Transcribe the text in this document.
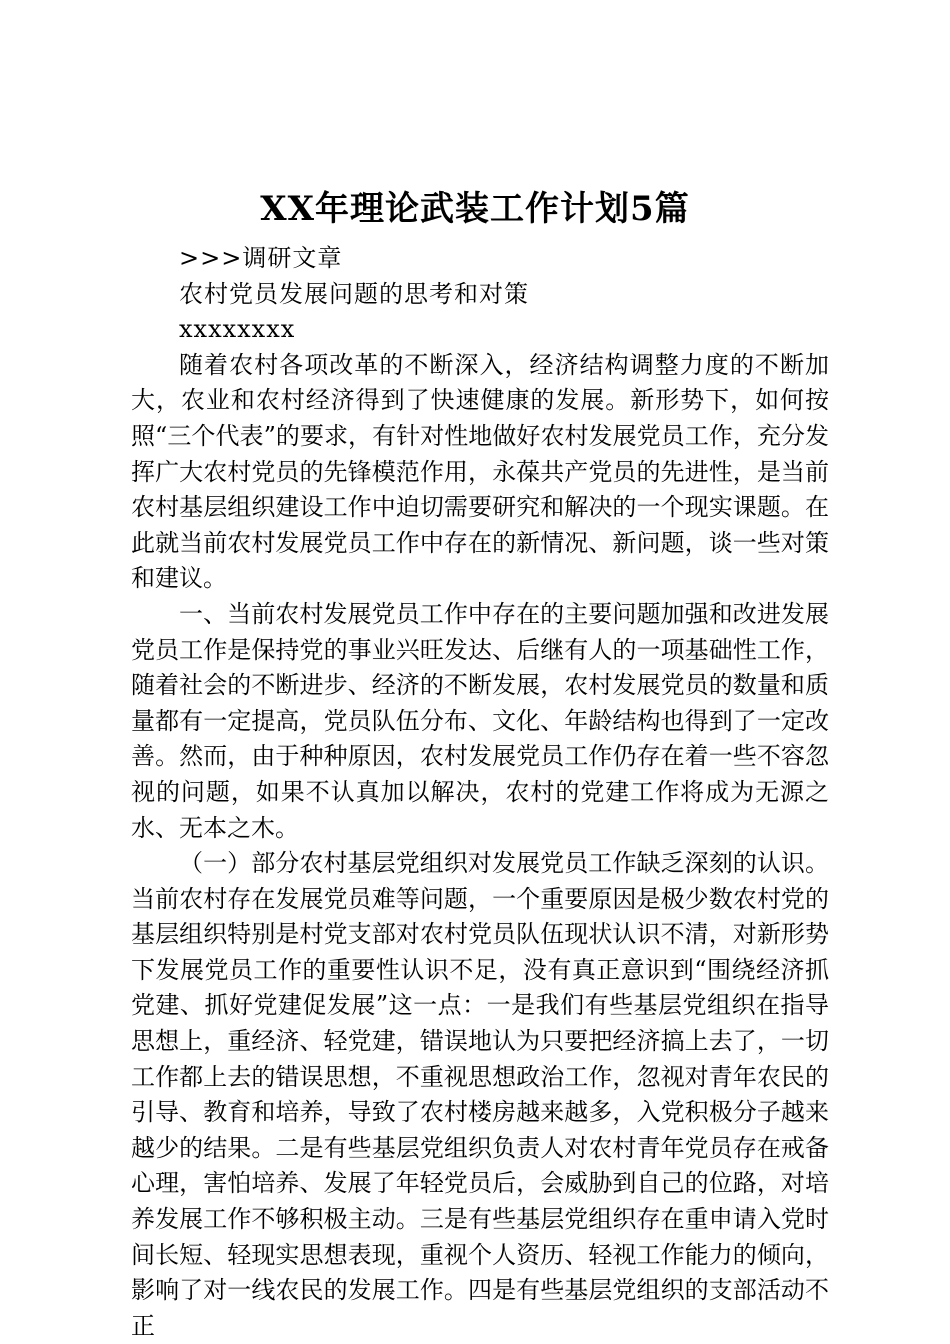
XX年理论武装工作计划5篇

>>>调研文章

农村党员发展问题的思考和对策

xxxxxxxx

随着农村各项改革的不断深入，经济结构调整力度的不断加大，农业和农村经济得到了快速健康的发展。新形势下，如何按照“三个代表”的要求，有针对性地做好农村发展党员工作，充分发挥广大农村党员的先锋模范作用，永葆共产党员的先进性，是当前农村基层组织建设工作中迫切需要研究和解决的一个现实课题。在此就当前农村发展党员工作中存在的新情况、新问题，谈一些对策和建议。

一、当前农村发展党员工作中存在的主要问题加强和改进发展党员工作是保持党的事业兴旺发达、后继有人的一项基础性工作，随着社会的不断进步、经济的不断发展，农村发展党员的数量和质量都有一定提高，党员队伍分布、文化、年龄结构也得到了一定改善。然而，由于种种原因，农村发展党员工作仍存在着一些不容忽视的问题，如果不认真加以解决，农村的党建工作将成为无源之水、无本之木。

（一）部分农村基层党组织对发展党员工作缺乏深刻的认识。当前农村存在发展党员难等问题，一个重要原因是极少数农村党的基层组织特别是村党支部对农村党员队伍现状认识不清，对新形势下发展党员工作的重要性认识不足，没有真正意识到“围绕经济抓党建、抓好党建促发展”这一点：一是我们有些基层党组织在指导思想上，重经济、轻党建，错误地认为只要把经济搞上去了，一切工作都上去的错误思想，不重视思想政治工作，忽视对青年农民的引导、教育和培养，导致了农村楼房越来越多，入党积极分子越来越少的结果。二是有些基层党组织负责人对农村青年党员存在戒备心理，害怕培养、发展了年轻党员后，会威胁到自己的位路，对培养发展工作不够积极主动。三是有些基层党组织存在重申请入党时间长短、轻现实思想表现，重视个人资历、轻视工作能力的倾向，影响了对一线农民的发展工作。四是有些基层党组织的支部活动不正
